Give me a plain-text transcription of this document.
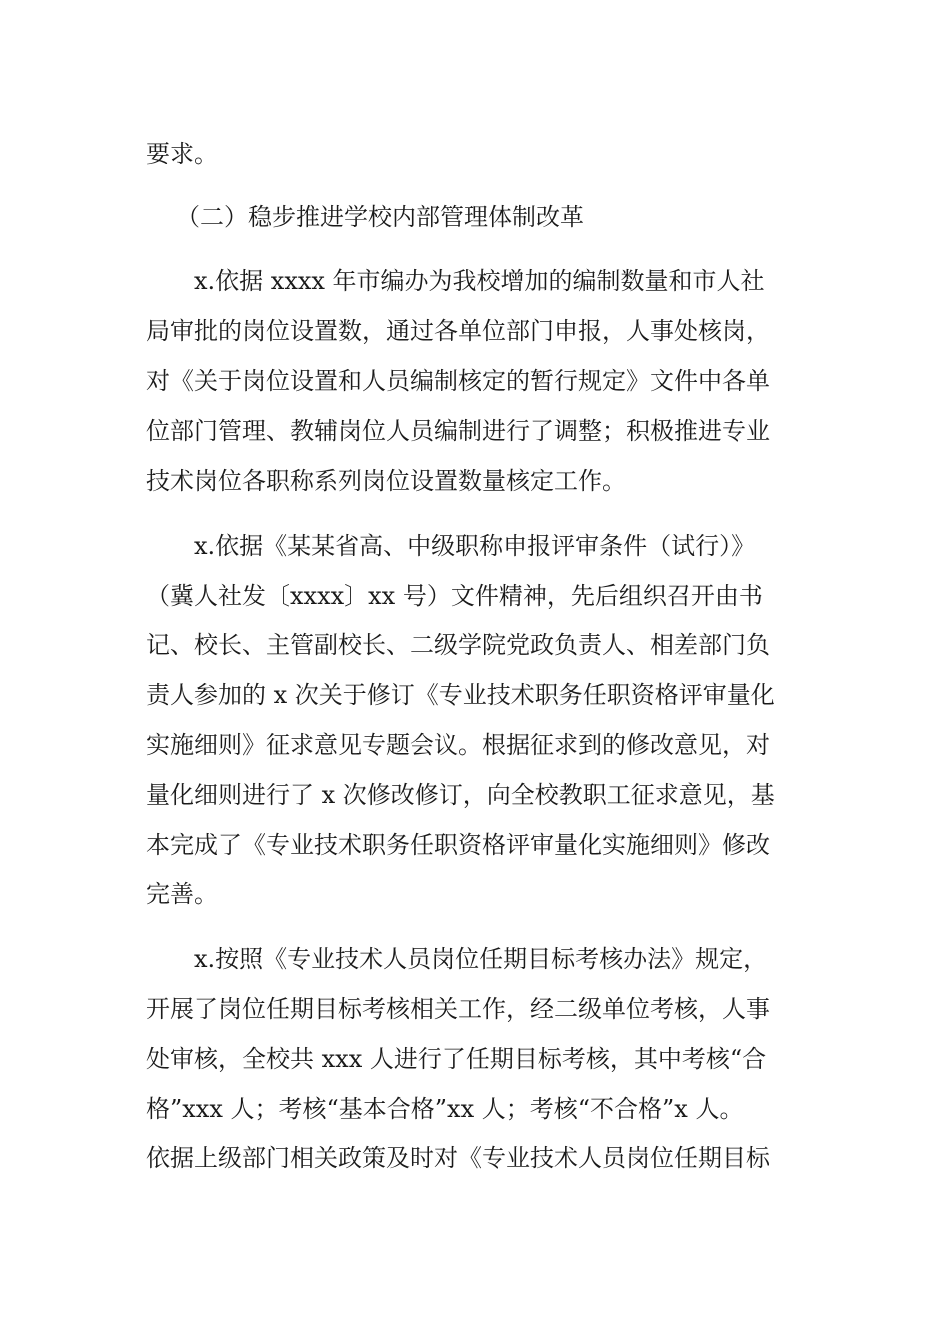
要求。

（二）稳步推进学校内部管理体制改革

x.依据 xxxx 年市编办为我校增加的编制数量和市人社

局审批的岗位设置数，通过各单位部门申报，人事处核岗，

对《关于岗位设置和人员编制核定的暂行规定》文件中各单

位部门管理、教辅岗位人员编制进行了调整；积极推进专业

技术岗位各职称系列岗位设置数量核定工作。

x.依据《某某省高、中级职称申报评审条件（试行）》

（冀人社发〔xxxx〕xx 号）文件精神，先后组织召开由书

记、校长、主管副校长、二级学院党政负责人、相差部门负

责人参加的 x 次关于修订《专业技术职务任职资格评审量化

实施细则》征求意见专题会议。根据征求到的修改意见，对

量化细则进行了 x 次修改修订，向全校教职工征求意见，基

本完成了《专业技术职务任职资格评审量化实施细则》修改

完善。

x.按照《专业技术人员岗位任期目标考核办法》规定，

开展了岗位任期目标考核相关工作，经二级单位考核，人事

处审核，全校共 xxx 人进行了任期目标考核，其中考核“合

格”xxx 人；考核“基本合格”xx 人；考核“不合格”x 人。

依据上级部门相关政策及时对《专业技术人员岗位任期目标
